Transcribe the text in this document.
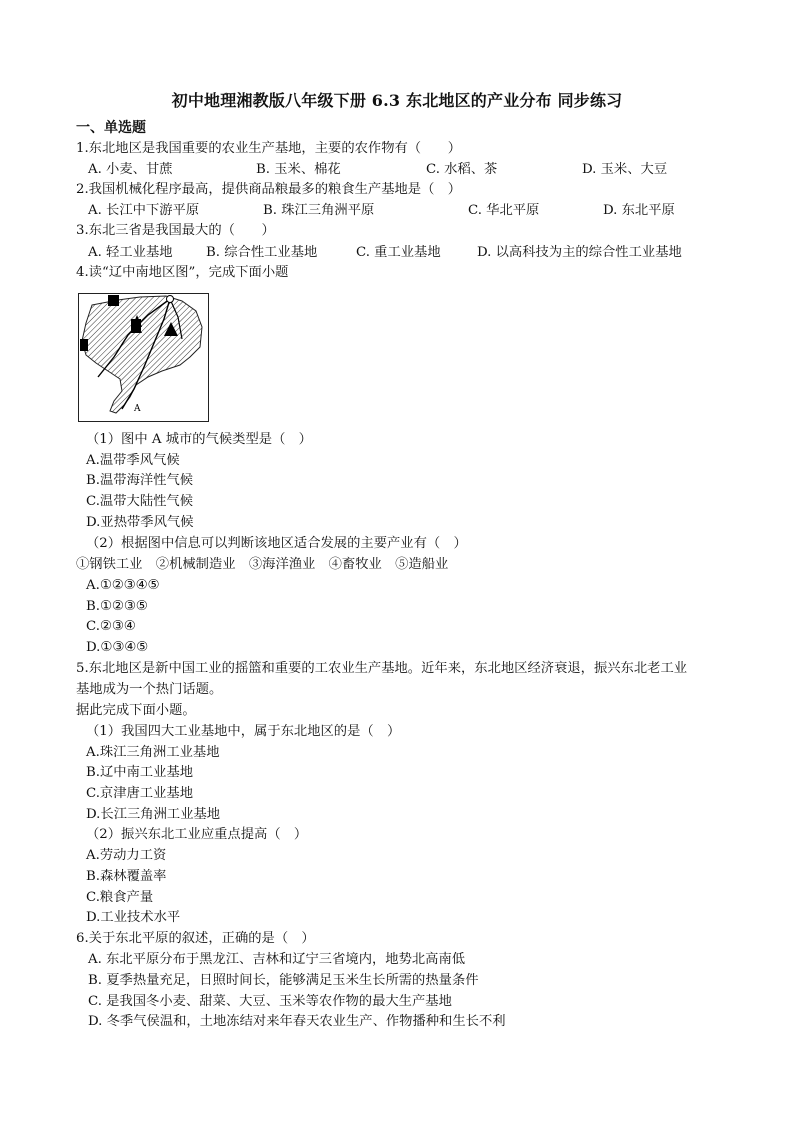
初中地理湘教版八年级下册 6.3 东北地区的产业分布 同步练习
一、单选题
1.东北地区是我国重要的农业生产基地，主要的农作物有（　　）
A. 小麦、甘蔗	B. 玉米、棉花	C. 水稻、茶	D. 玉米、大豆
2.我国机械化程序最高，提供商品粮最多的粮食生产基地是（　）
A. 长江中下游平原	B. 珠江三角洲平原	C. 华北平原	D. 东北平原
3.东北三省是我国最大的（　　）
A. 轻工业基地	B. 综合性工业基地	C. 重工业基地	D. 以高科技为主的综合性工业基地
4.读“辽中南地区图”，完成下面小题
A
（1）图中 A 城市的气候类型是（　）
A.温带季风气候
B.温带海洋性气候
C.温带大陆性气候
D.亚热带季风气候
（2）根据图中信息可以判断该地区适合发展的主要产业有（　）
①钢铁工业　②机械制造业　③海洋渔业　④畜牧业　⑤造船业
A.①②③④⑤
B.①②③⑤
C.②③④
D.①③④⑤
5.东北地区是新中国工业的摇篮和重要的工农业生产基地。近年来，东北地区经济衰退，振兴东北老工业
基地成为一个热门话题。
据此完成下面小题。
（1）我国四大工业基地中，属于东北地区的是（　）
A.珠江三角洲工业基地
B.辽中南工业基地
C.京津唐工业基地
D.长江三角洲工业基地
（2）振兴东北工业应重点提高（　）
A.劳动力工资
B.森林覆盖率
C.粮食产量
D.工业技术水平
6.关于东北平原的叙述，正确的是（　）
A. 东北平原分布于黑龙江、吉林和辽宁三省境内，地势北高南低
B. 夏季热量充足，日照时间长，能够满足玉米生长所需的热量条件
C. 是我国冬小麦、甜菜、大豆、玉米等农作物的最大生产基地
D. 冬季气侯温和，土地冻结对来年春天农业生产、作物播种和生长不利
